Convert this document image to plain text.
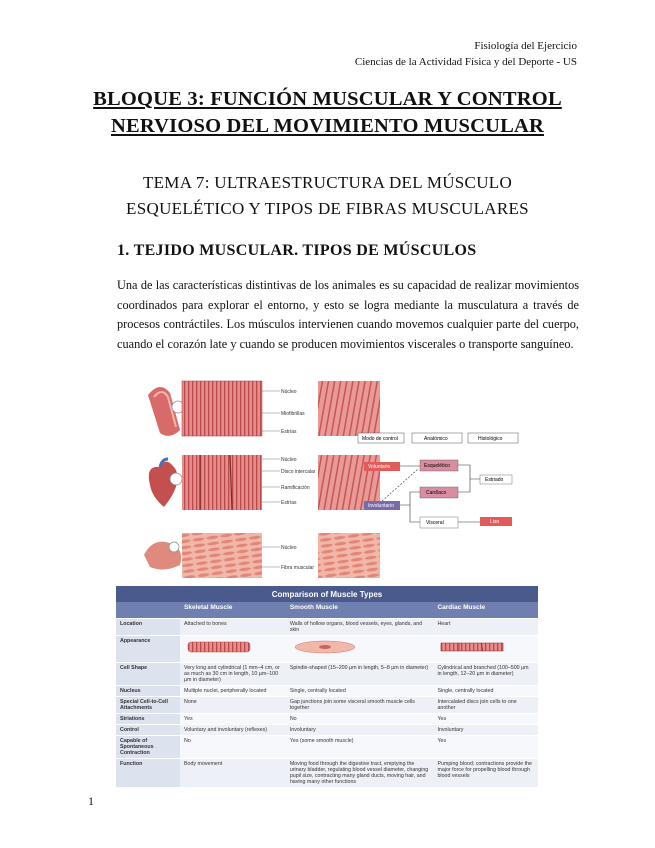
Fisiología del Ejercicio
Ciencias de la Actividad Física y del Deporte - US
BLOQUE 3: FUNCIÓN MUSCULAR Y CONTROL
NERVIOSO DEL MOVIMIENTO MUSCULAR
TEMA 7: ULTRAESTRUCTURA DEL MÚSCULO
ESQUELÉTICO Y TIPOS DE FIBRAS MUSCULARES
1. TEJIDO MUSCULAR. TIPOS DE MÚSCULOS

Una de las características distintivas de los animales es su capacidad de realizar movimientos coordinados para explorar el entorno, y esto se logra mediante la musculatura a través de procesos contráctiles. Los músculos intervienen cuando movemos cualquier parte del cuerpo, cuando el corazón late y cuando se producen movimientos viscerales o transporte sanguíneo.

Núcleo
Miofibrillas
Estrías
Núcleo
Disco intercalar
Ramificación
Estrías
Núcleo
Fibra muscular
Modo de control	Anatómico	Histológico
Voluntario
Involuntario
Esquelético
Cardíaco
Visceral
Estriado
Liso
Comparison of Muscle Types			
	Skeletal Muscle	Smooth Muscle	Cardiac Muscle
Location	Attached to bones	Walls of hollow organs, blood vessels, eyes, glands, and skin	Heart
Appearance			
Cell Shape	Very long and cylindrical (1 mm–4 cm, or as much as 30 cm in length, 10 µm–100 µm in diameter)	Spindle-shaped (15–200 µm in length, 5–8 µm in diameter)	Cylindrical and branched (100–500 µm in length, 12–20 µm in diameter)
Nucleus	Multiple nuclei, peripherally located	Single, centrally located	Single, centrally located
Special Cell-to-Cell Attachments	None	Gap junctions join some visceral smooth muscle cells together	Intercalated discs join cells to one another
Striations	Yes	No	Yes
Control	Voluntary and involuntary (reflexes)	Involuntary	Involuntary
Capable of Spontaneous Contraction	No	Yes (some smooth muscle)	Yes
Function	Body movement	Moving food through the digestive tract, emptying the urinary bladder, regulating blood vessel diameter, changing pupil size, contracting many gland ducts, moving hair, and having many other functions	Pumping blood; contractions provide the major force for propelling blood through blood vessels
1
